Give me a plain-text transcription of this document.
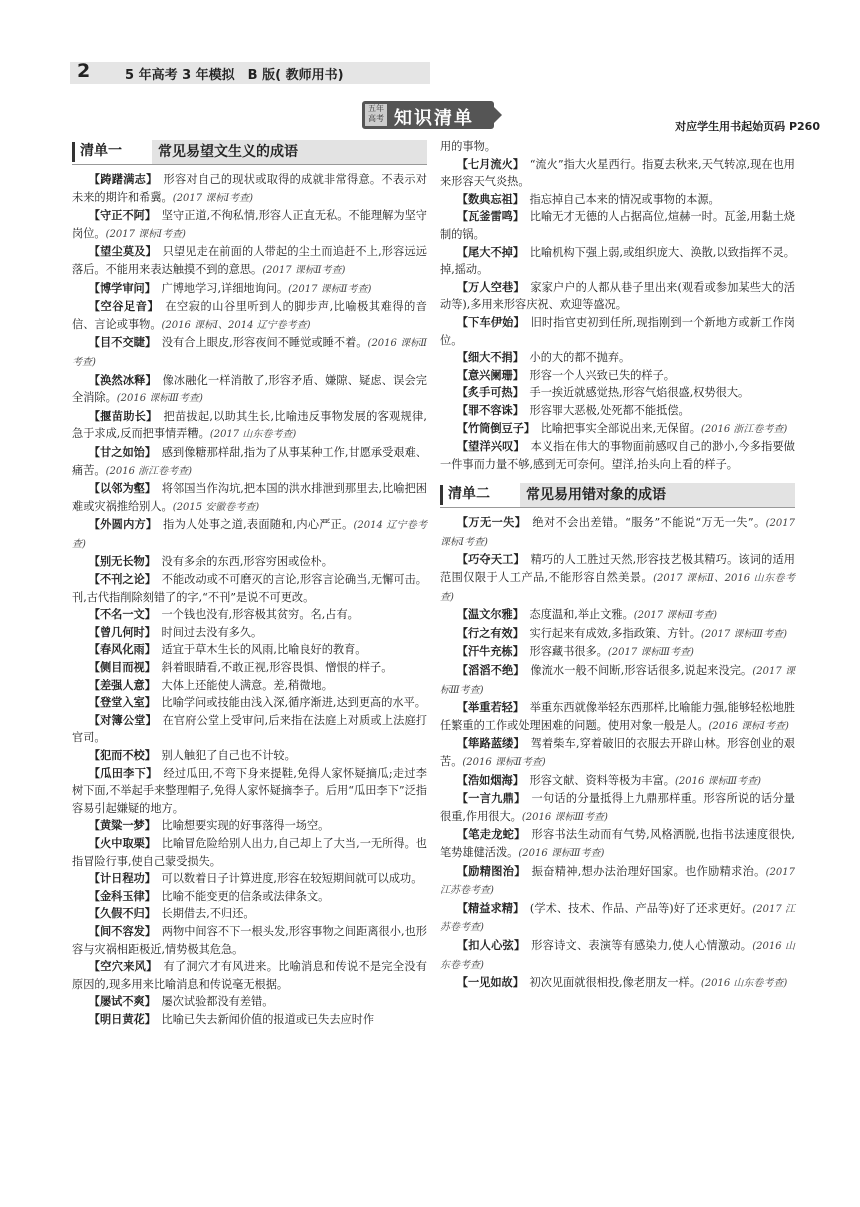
2	5 年高考 3 年模拟　B 版( 教师用书)
五年高考 知识清单	对应学生用书起始页码 P260
清单一	常见易望文生义的成语

【踌躇满志】　 形容对自己的现状或取得的成就非常得意。不表示对未来的期许和希冀。(2017 课标Ⅰ考查)

【守正不阿】　 坚守正道,不徇私情,形容人正直无私。不能理解为坚守岗位。(2017 课标Ⅰ考查)

【望尘莫及】　 只望见走在前面的人带起的尘土而追赶不上,形容远远落后。不能用来表达触摸不到的意思。(2017 课标Ⅱ考查)

【博学审问】　 广博地学习,详细地询问。(2017 课标Ⅱ考查)

【空谷足音】　 在空寂的山谷里听到人的脚步声,比喻极其难得的音信、言论或事物。(2016 课标Ⅰ、2014 辽宁卷考查)

【目不交睫】　 没有合上眼皮,形容夜间不睡觉或睡不着。(2016 课标Ⅱ考查)

【涣然冰释】　 像冰融化一样消散了,形容矛盾、嫌隙、疑虑、误会完全消除。(2016 课标Ⅲ考查)

【揠苗助长】　 把苗拔起,以助其生长,比喻违反事物发展的客观规律,急于求成,反而把事情弄糟。(2017 山东卷考查)

【甘之如饴】　 感到像糖那样甜,指为了从事某种工作,甘愿承受艰难、痛苦。(2016 浙江卷考查)

【以邻为壑】　 将邻国当作沟坑,把本国的洪水排泄到那里去,比喻把困难或灾祸推给别人。(2015 安徽卷考查)

【外圆内方】　 指为人处事之道,表面随和,内心严正。(2014 辽宁卷考查)

【别无长物】　 没有多余的东西,形容穷困或俭朴。

【不刊之论】　 不能改动或不可磨灭的言论,形容言论确当,无懈可击。刊,古代指削除刻错了的字,“不刊”是说不可更改。

【不名一文】　 一个钱也没有,形容极其贫穷。名,占有。

【曾几何时】　 时间过去没有多久。

【春风化雨】　 适宜于草木生长的风雨,比喻良好的教育。

【侧目而视】　 斜着眼睛看,不敢正视,形容畏惧、憎恨的样子。

【差强人意】　 大体上还能使人满意。差,稍微地。

【登堂入室】　 比喻学问或技能由浅入深,循序渐进,达到更高的水平。

【对簿公堂】　 在官府公堂上受审问,后来指在法庭上对质或上法庭打官司。

【犯而不校】　 别人触犯了自己也不计较。

【瓜田李下】　 经过瓜田,不弯下身来提鞋,免得人家怀疑摘瓜;走过李树下面,不举起手来整理帽子,免得人家怀疑摘李子。后用“瓜田李下”泛指容易引起嫌疑的地方。

【黄粱一梦】　 比喻想要实现的好事落得一场空。

【火中取栗】　 比喻冒危险给别人出力,自己却上了大当,一无所得。也指冒险行事,使自己蒙受损失。

【计日程功】　 可以数着日子计算进度,形容在较短期间就可以成功。

【金科玉律】　 比喻不能变更的信条或法律条文。

【久假不归】　 长期借去,不归还。

【间不容发】　 两物中间容不下一根头发,形容事物之间距离很小,也形容与灾祸相距极近,情势极其危急。

【空穴来风】　 有了洞穴才有风进来。比喻消息和传说不是完全没有原因的,现多用来比喻消息和传说毫无根据。

【屡试不爽】　 屡次试验都没有差错。

【明日黄花】　 比喻已失去新闻价值的报道或已失去应时作

用的事物。

【七月流火】　 “流火”指大火星西行。指夏去秋来,天气转凉,现在也用来形容天气炎热。

【数典忘祖】　 指忘掉自己本来的情况或事物的本源。

【瓦釜雷鸣】　 比喻无才无德的人占据高位,煊赫一时。瓦釜,用黏土烧制的锅。

【尾大不掉】　 比喻机构下强上弱,或组织庞大、涣散,以致指挥不灵。掉,摇动。

【万人空巷】　 家家户户的人都从巷子里出来(观看或参加某些大的活动等),多用来形容庆祝、欢迎等盛况。

【下车伊始】　 旧时指官吏初到任所,现指刚到一个新地方或新工作岗位。

【细大不捐】　 小的大的都不抛弃。

【意兴阑珊】　 形容一个人兴致已失的样子。

【炙手可热】　 手一挨近就感觉热,形容气焰很盛,权势很大。

【罪不容诛】　 形容罪大恶极,处死都不能抵偿。

【竹筒倒豆子】　 比喻把事实全部说出来,无保留。(2016 浙江卷考查)

【望洋兴叹】　 本义指在伟大的事物面前感叹自己的渺小,今多指要做一件事而力量不够,感到无可奈何。望洋,抬头向上看的样子。

清单二	常见易用错对象的成语

【万无一失】　 绝对不会出差错。“服务”不能说“万无一失”。(2017 课标Ⅰ考查)

【巧夺天工】　 精巧的人工胜过天然,形容技艺极其精巧。该词的适用范围仅限于人工产品,不能形容自然美景。(2017 课标Ⅱ、2016 山东卷考查)

【温文尔雅】　 态度温和,举止文雅。(2017 课标Ⅱ考查)

【行之有效】　 实行起来有成效,多指政策、方针。(2017 课标Ⅲ考查)

【汗牛充栋】　 形容藏书很多。(2017 课标Ⅲ考查)

【滔滔不绝】　 像流水一般不间断,形容话很多,说起来没完。(2017 课标Ⅲ考查)

【举重若轻】　 举重东西就像举轻东西那样,比喻能力强,能够轻松地胜任繁重的工作或处理困难的问题。使用对象一般是人。(2016 课标Ⅰ考查)

【筚路蓝缕】　 驾着柴车,穿着破旧的衣服去开辟山林。形容创业的艰苦。(2016 课标Ⅱ考查)

【浩如烟海】　 形容文献、资料等极为丰富。(2016 课标Ⅲ考查)

【一言九鼎】　 一句话的分量抵得上九鼎那样重。形容所说的话分量很重,作用很大。(2016 课标Ⅲ考查)

【笔走龙蛇】　 形容书法生动而有气势,风格洒脱,也指书法速度很快,笔势雄健活泼。(2016 课标Ⅲ考查)

【励精图治】　 振奋精神,想办法治理好国家。也作励精求治。(2017 江苏卷考查)

【精益求精】　 (学术、技术、作品、产品等)好了还求更好。(2017 江苏卷考查)

【扣人心弦】　 形容诗文、表演等有感染力,使人心情激动。(2016 山东卷考查)

【一见如故】　 初次见面就很相投,像老朋友一样。(2016 山东卷考查)
